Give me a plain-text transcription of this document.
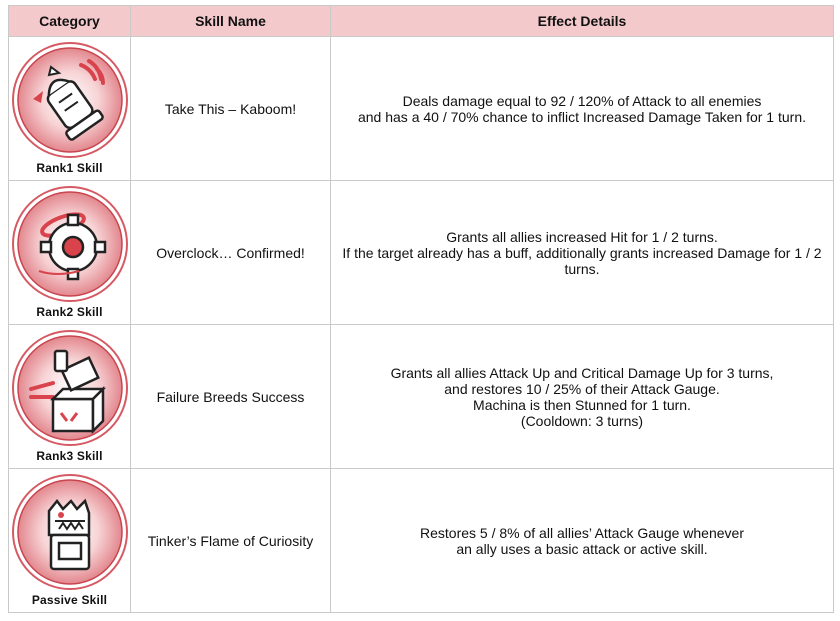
Category	Skill Name	Effect Details

Rank1 Skill	Take This – Kaboom!	Deals damage equal to 92 / 120% of Attack to all enemies
and has a 40 / 70% chance to inflict Increased Damage Taken for 1 turn.

Rank2 Skill	Overclock… Confirmed!	Grants all allies increased Hit for 1 / 2 turns.
If the target already has a buff, additionally grants increased Damage for 1 / 2 turns.

Rank3 Skill	Failure Breeds Success	Grants all allies Attack Up and Critical Damage Up for 3 turns,
and restores 10 / 25% of their Attack Gauge.
Machina is then Stunned for 1 turn.
(Cooldown: 3 turns)

Passive Skill	Tinker’s Flame of Curiosity	Restores 5 / 8% of all allies’ Attack Gauge whenever
an ally uses a basic attack or active skill.
